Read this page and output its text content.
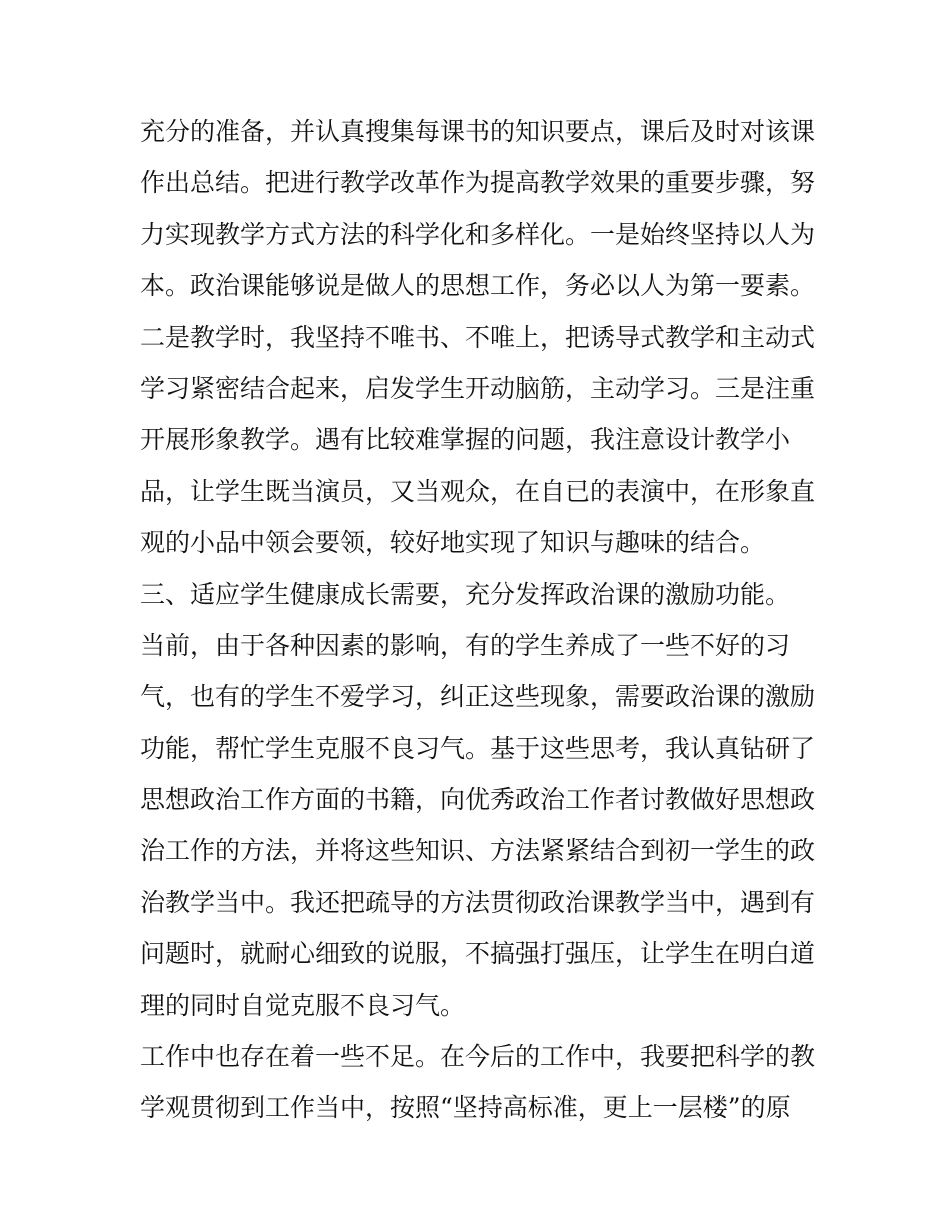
充分的准备，并认真搜集每课书的知识要点，课后及时对该课
作出总结。把进行教学改革作为提高教学效果的重要步骤，努
力实现教学方式方法的科学化和多样化。一是始终坚持以人为
本。政治课能够说是做人的思想工作，务必以人为第一要素。
二是教学时，我坚持不唯书、不唯上，把诱导式教学和主动式
学习紧密结合起来，启发学生开动脑筋，主动学习。三是注重
开展形象教学。遇有比较难掌握的问题，我注意设计教学小
品，让学生既当演员，又当观众，在自已的表演中，在形象直
观的小品中领会要领，较好地实现了知识与趣味的结合。
三、适应学生健康成长需要，充分发挥政治课的激励功能。
当前，由于各种因素的影响，有的学生养成了一些不好的习
气，也有的学生不爱学习，纠正这些现象，需要政治课的激励
功能，帮忙学生克服不良习气。基于这些思考，我认真钻研了
思想政治工作方面的书籍，向优秀政治工作者讨教做好思想政
治工作的方法，并将这些知识、方法紧紧结合到初一学生的政
治教学当中。我还把疏导的方法贯彻政治课教学当中，遇到有
问题时，就耐心细致的说服，不搞强打强压，让学生在明白道
理的同时自觉克服不良习气。
工作中也存在着一些不足。在今后的工作中，我要把科学的教
学观贯彻到工作当中，按照“坚持高标准，更上一层楼”的原
